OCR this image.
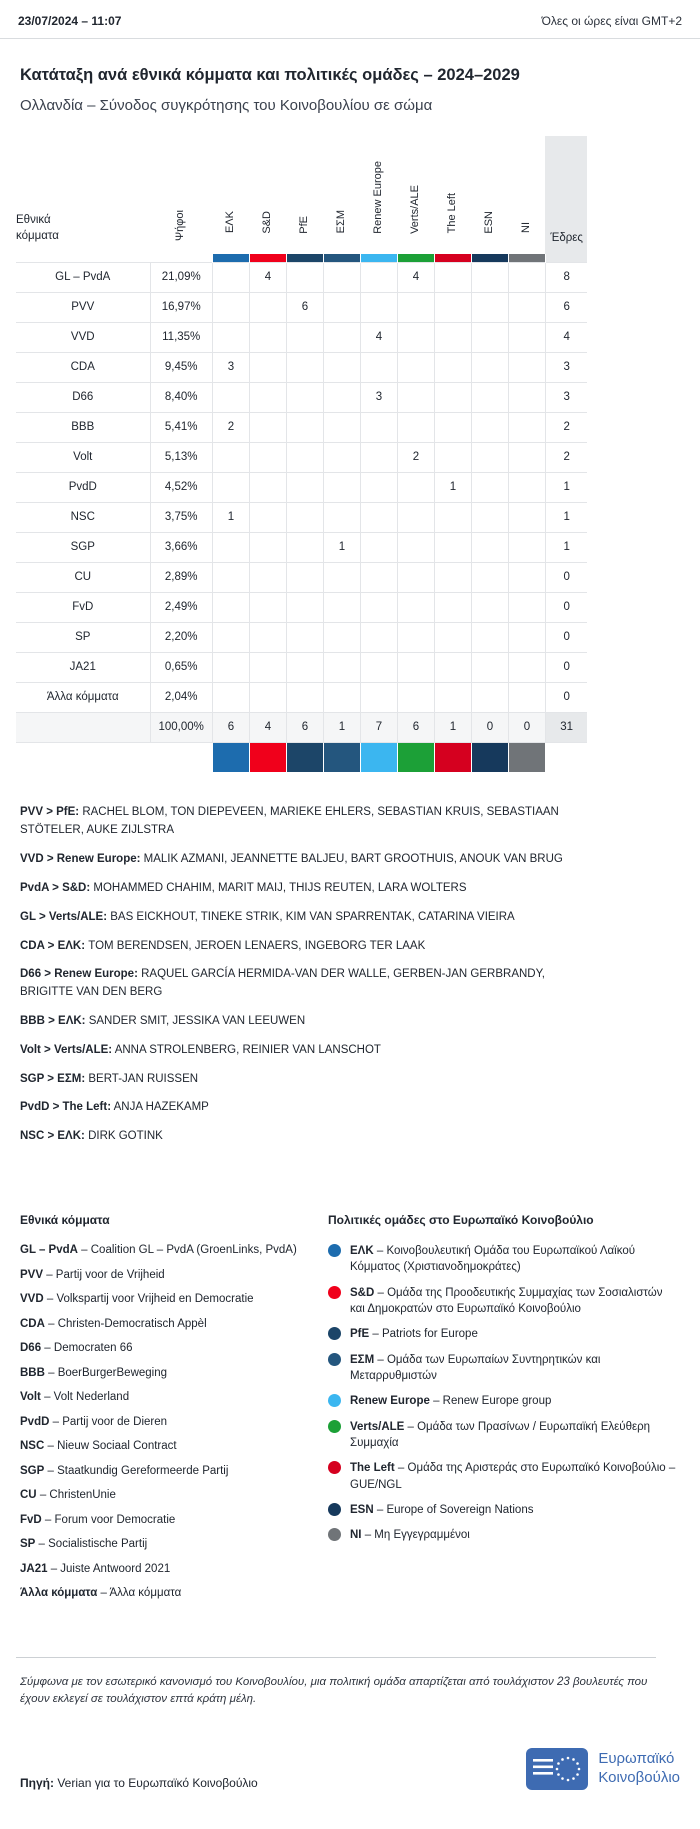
23/07/2024 – 11:07	Όλες οι ώρες είναι GMT+2
Κατάταξη ανά εθνικά κόμματα και πολιτικές ομάδες – 2024–2029
Ολλανδία – Σύνοδος συγκρότησης του Κοινοβουλίου σε σώμα
Εθνικά κόμματα	Ψήφοι	ΕΛΚ	S&D	PfE	ΕΣΜ	Renew Europe	Verts/ALE	The Left	ESN	NI	Έδρες

GL – PvdA	21,09%		4				4				8
PVV	16,97%			6							6
VVD	11,35%					4					4
CDA	9,45%	3									3
D66	8,40%					3					3
BBB	5,41%	2									2
Volt	5,13%						2				2
PvdD	4,52%							1			1
NSC	3,75%	1									1
SGP	3,66%				1						1
CU	2,89%										0
FvD	2,49%										0
SP	2,20%										0
JA21	0,65%										0
Άλλα κόμματα	2,04%										0
	100,00%	6	4	6	1	7	6	1	0	0	31

PVV > PfE: RACHEL BLOM, TON DIEPEVEEN, MARIEKE EHLERS, SEBASTIAN KRUIS, SEBASTIAAN STÖTELER, AUKE ZIJLSTRA

VVD > Renew Europe: MALIK AZMANI, JEANNETTE BALJEU, BART GROOTHUIS, ANOUK VAN BRUG

PvdA > S&D: MOHAMMED CHAHIM, MARIT MAIJ, THIJS REUTEN, LARA WOLTERS

GL > Verts/ALE: BAS EICKHOUT, TINEKE STRIK, KIM VAN SPARRENTAK, CATARINA VIEIRA

CDA > ΕΛΚ: TOM BERENDSEN, JEROEN LENAERS, INGEBORG TER LAAK

D66 > Renew Europe: RAQUEL GARCÍA HERMIDA-VAN DER WALLE, GERBEN-JAN GERBRANDY, BRIGITTE VAN DEN BERG

BBB > ΕΛΚ: SANDER SMIT, JESSIKA VAN LEEUWEN

Volt > Verts/ALE: ANNA STROLENBERG, REINIER VAN LANSCHOT

SGP > ΕΣΜ: BERT-JAN RUISSEN

PvdD > The Left: ANJA HAZEKAMP

NSC > ΕΛΚ: DIRK GOTINK

Εθνικά κόμματα

GL – PvdA – Coalition GL – PvdA (GroenLinks, PvdA)

PVV – Partij voor de Vrijheid

VVD – Volkspartij voor Vrijheid en Democratie

CDA – Christen-Democratisch Appèl

D66 – Democraten 66

BBB – BoerBurgerBeweging

Volt – Volt Nederland

PvdD – Partij voor de Dieren

NSC – Nieuw Sociaal Contract

SGP – Staatkundig Gereformeerde Partij

CU – ChristenUnie

FvD – Forum voor Democratie

SP – Socialistische Partij

JA21 – Juiste Antwoord 2021

Άλλα κόμματα – Άλλα κόμματα

Πολιτικές ομάδες στο Ευρωπαϊκό Κοινοβούλιο
ΕΛΚ – Κοινοβουλευτική Ομάδα του Ευρωπαϊκού Λαϊκού Κόμματος (Χριστιανοδημοκράτες)
S&D – Ομάδα της Προοδευτικής Συμμαχίας των Σοσιαλιστών και Δημοκρατών στο Ευρωπαϊκό Κοινοβούλιο
PfE – Patriots for Europe
ΕΣΜ – Ομάδα των Ευρωπαίων Συντηρητικών και Μεταρρυθμιστών
Renew Europe – Renew Europe group
Verts/ALE – Ομάδα των Πρασίνων / Ευρωπαϊκή Ελεύθερη Συμμαχία
The Left – Ομάδα της Αριστεράς στο Ευρωπαϊκό Κοινοβούλιο – GUE/NGL
ESN – Europe of Sovereign Nations
NI – Μη Εγγεγραμμένοι
Σύμφωνα με τον εσωτερικό κανονισμό του Κοινοβουλίου, μια πολιτική ομάδα απαρτίζεται από τουλάχιστον 23 βουλευτές που έχουν εκλεγεί σε τουλάχιστον επτά κράτη μέλη.
Πηγή: Verian για το Ευρωπαϊκό Κοινοβούλιο
Ευρωπαϊκό
Κοινοβούλιο
